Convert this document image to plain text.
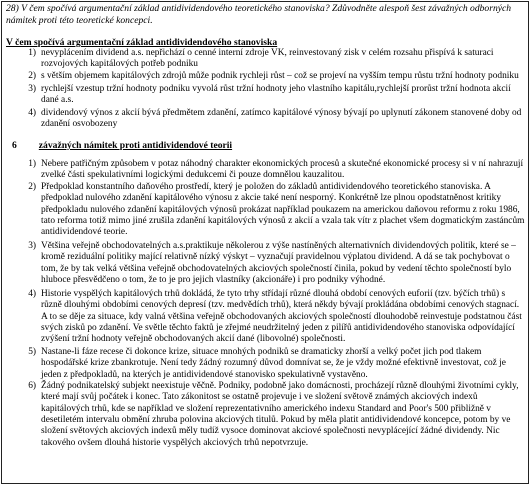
28) V čem spočívá argumentační základ antidividendového teoretického stanoviska? Zdůvodněte alespoň šest závažných odborných námitek proti této teoretické koncepci.
V čem spočívá argumentační základ antidividendového stanoviska
1) nevyplácením dividend a.s. nepřichází o cenné interní zdroje VK, reinvestovaný zisk v celém rozsahu přispívá k saturaci rozvojových kapitálových potřeb podniku
2) s větším objemem kapitálových zdrojů může podnik rychleji růst – což se projeví na vyšším tempu růstu tržní hodnoty podniku
3) rychlejší vzestup tržní hodnoty podniku vyvolá růst tržní hodnoty jeho vlastního kapitálu,rychlejší prorůst tržní hodnota akcií dané a.s.
4) dividendový výnos z akcií bývá předmětem zdanění, zatímco kapitálové výnosy bývají po uplynutí zákonem stanovené doby od zdanění osvobozeny
6 závažných námitek proti antidividendové teorii
1) Nebere patřičným způsobem v potaz náhodný charakter ekonomických procesů a skutečné ekonomické procesy si v ní nahrazují zvelké části spekulativními logickými dedukcemi či pouze domnělou kauzalitou.
2) Předpoklad konstantního daňového prostředí, který je položen do základů antidividendového teoretického stanoviska. A předpoklad nulového zdanění kapitálového výnosu z akcie také není nesporný. Konkrétně lze plnou opodstatněnost kritiky předpokladu nulového zdanění kapitálových výnosů prokázat například poukazem na americkou daňovou reformu z roku 1986, tato reforma totiž mimo jiné zrušila zdanění kapitálových výnosů z akcií a vzala tak vítr z plachet všem dogmatickým zastáncům antidividendové teorie.
3) Většina veřejně obchodovatelných a.s.praktikuje několerou z výše nastíněných alternativních dividendových politik, které se – kromě reziduální politiky mající relativně nízký výskyt – vyznačují pravidelnou výplatou dividend. A dá se tak pochybovat o tom, že by tak velká většina veřejně obchodovatelných akciových společností činila, pokud by vedení těchto společností bylo hluboce přesvědčeno o tom, že to je pro jejich vlastníky (akcionáře) i pro podniky výhodné.
4) Historie vyspělých kapitálových trhů dokládá, že tyto trhy střídají různé dlouhá období cenových euforií (tzv. býčích trhů) s různě dlouhými obdobími cenových depresí (tzv. medvědích trhů), která někdy bývají prokládána obdobími cenových stagnací. A to se děje za situace, kdy valná většina veřejně obchodovaných akciových společností dlouhodobě reinvestuje podstatnou část svých zisků po zdanění. Ve světle těchto faktů je zřejmé neudržitelný jeden z pilířů antidividendového stanoviska odpovídající zvýšení tržní hodnoty veřejně obchodovaných akcií dané (libovolné) společnosti.
5) Nastane-li fáze recese či dokonce krize, situace mnohých podniků se dramaticky zhorší a velký počet jich pod tlakem hospodářské krize zbankrotuje. Není tedy žádný rozumný důvod domnívat se, že je vždy možné efektivně investovat, což je jeden z předpokladů, na kterých je antidividendové stanovisko spekulativně vystavěno.
6) Žádný podnikatelský subjekt neexistuje věčně. Podniky, podobně jako domácnosti, procházejí různě dlouhými životními cykly, které mají svůj počátek i konec. Tato zákonitost se ostatně projevuje i ve složení světově známých akciových indexů kapitálových trhů, kde se například ve složení reprezentativního amerického indexu Standard and Poor's 500 přibližně v desetiletém intervalu obmění zhruba polovina akciových titulů. Pokud by měla platit antidividendové koncepce, potom by ve složení světových akciových indexů měly tudíž vysoce dominovat akciové společnosti nevyplácející žádné dividendy. Nic takového ovšem dlouhá historie vyspělých akciových trhů nepotvrzuje.
